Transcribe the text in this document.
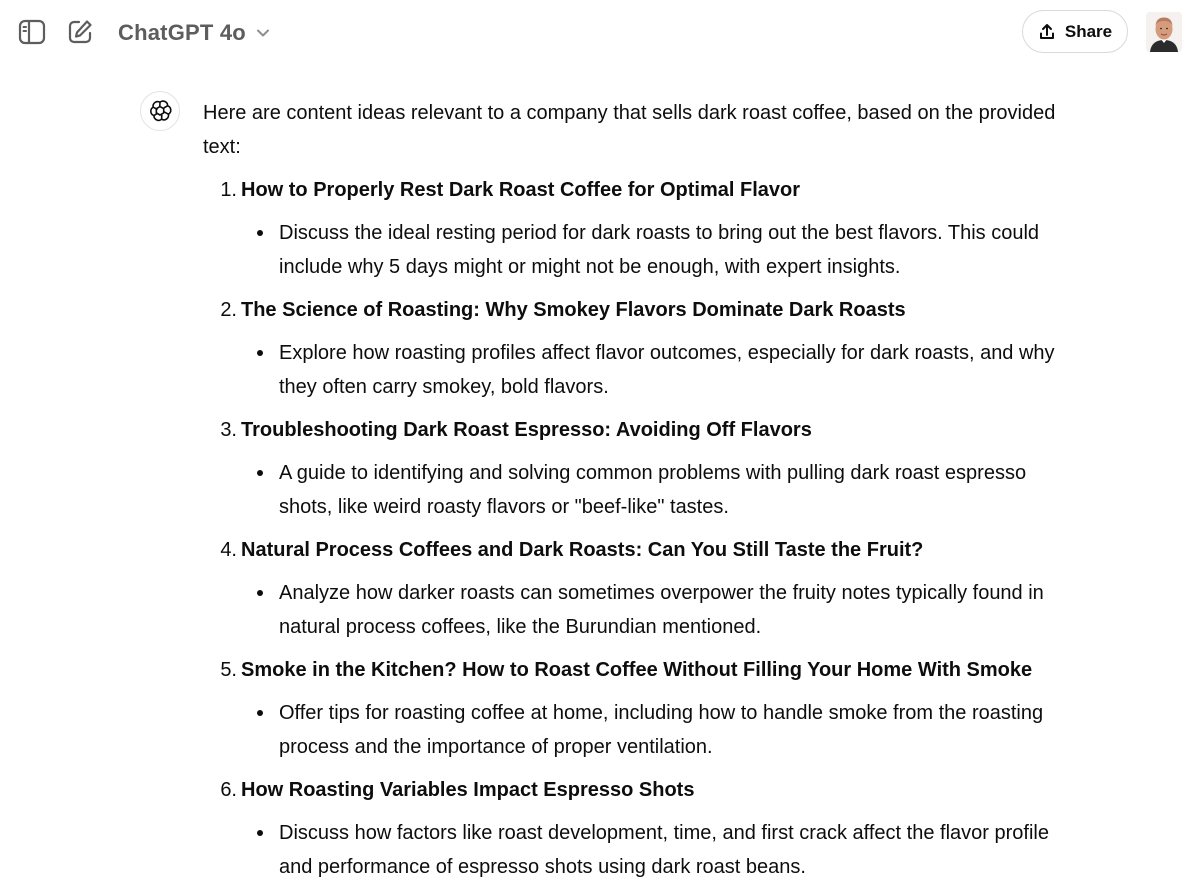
ChatGPT 4o	Share

Here are content ideas relevant to a company that sells dark roast coffee, based on the provided text:

1. How to Properly Rest Dark Roast Coffee for Optimal Flavor
Discuss the ideal resting period for dark roasts to bring out the best flavors. This could include why 5 days might or might not be enough, with expert insights.
2. The Science of Roasting: Why Smokey Flavors Dominate Dark Roasts
Explore how roasting profiles affect flavor outcomes, especially for dark roasts, and why they often carry smokey, bold flavors.
3. Troubleshooting Dark Roast Espresso: Avoiding Off Flavors
A guide to identifying and solving common problems with pulling dark roast espresso shots, like weird roasty flavors or "beef-like" tastes.
4. Natural Process Coffees and Dark Roasts: Can You Still Taste the Fruit?
Analyze how darker roasts can sometimes overpower the fruity notes typically found in natural process coffees, like the Burundian mentioned.
5. Smoke in the Kitchen? How to Roast Coffee Without Filling Your Home With Smoke
Offer tips for roasting coffee at home, including how to handle smoke from the roasting process and the importance of proper ventilation.
6. How Roasting Variables Impact Espresso Shots
Discuss how factors like roast development, time, and first crack affect the flavor profile and performance of espresso shots using dark roast beans.
